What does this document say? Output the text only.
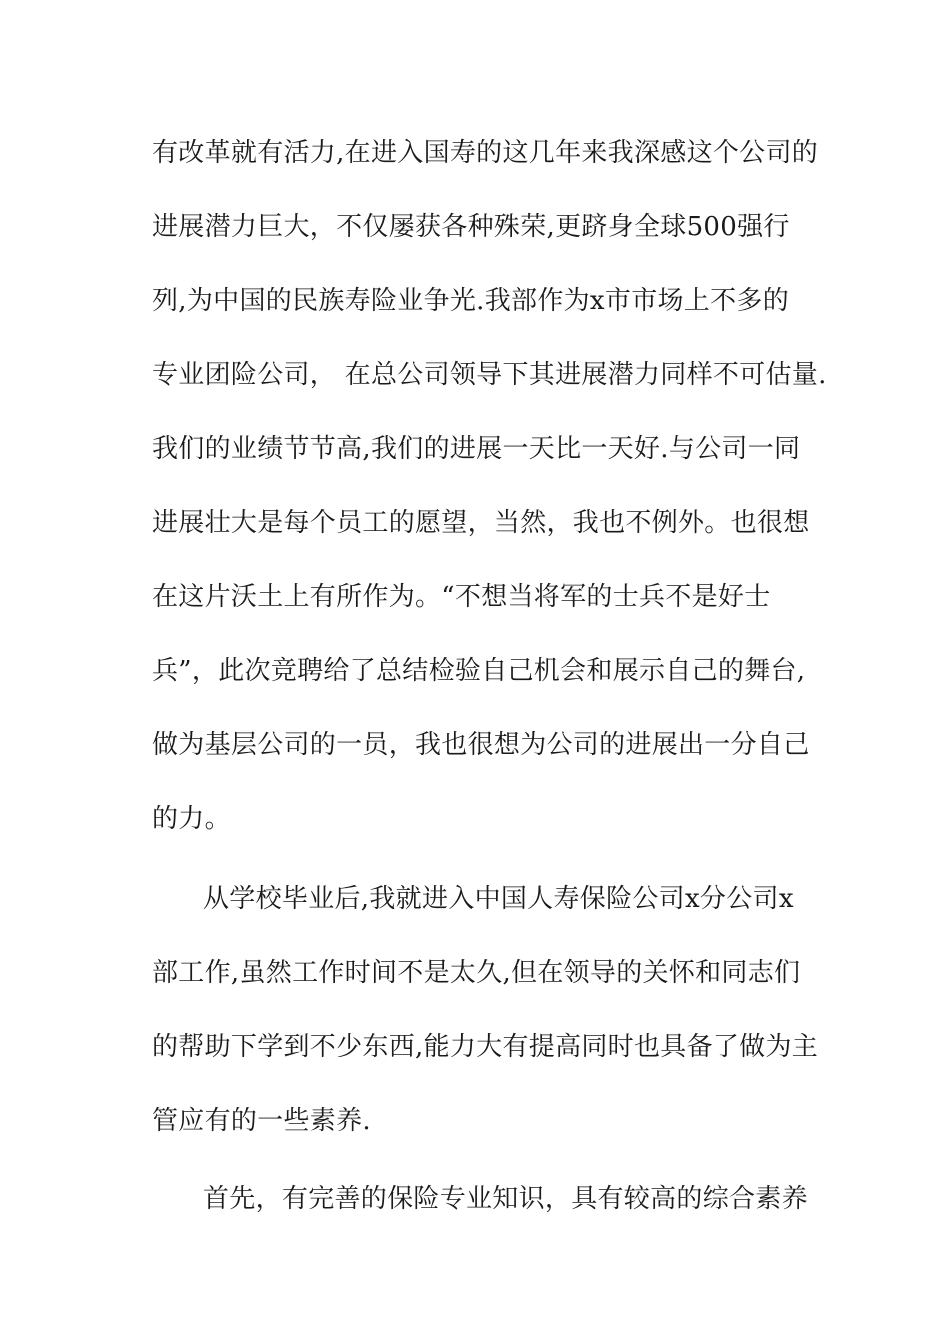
有改革就有活力,在进入国寿的这几年来我深感这个公司的
进展潜力巨大，不仅屡获各种殊荣,更跻身全球500强行
列,为中国的民族寿险业争光.我部作为x市市场上不多的
专业团险公司， 在总公司领导下其进展潜力同样不可估量.
我们的业绩节节高,我们的进展一天比一天好.与公司一同
进展壮大是每个员工的愿望，当然，我也不例外。也很想
在这片沃土上有所作为。“不想当将军的士兵不是好士
兵”，此次竞聘给了总结检验自己机会和展示自己的舞台,
做为基层公司的一员，我也很想为公司的进展出一分自己
的力。
从学校毕业后,我就进入中国人寿保险公司x分公司x
部工作,虽然工作时间不是太久,但在领导的关怀和同志们
的帮助下学到不少东西,能力大有提高同时也具备了做为主
管应有的一些素养.
首先，有完善的保险专业知识，具有较高的综合素养
